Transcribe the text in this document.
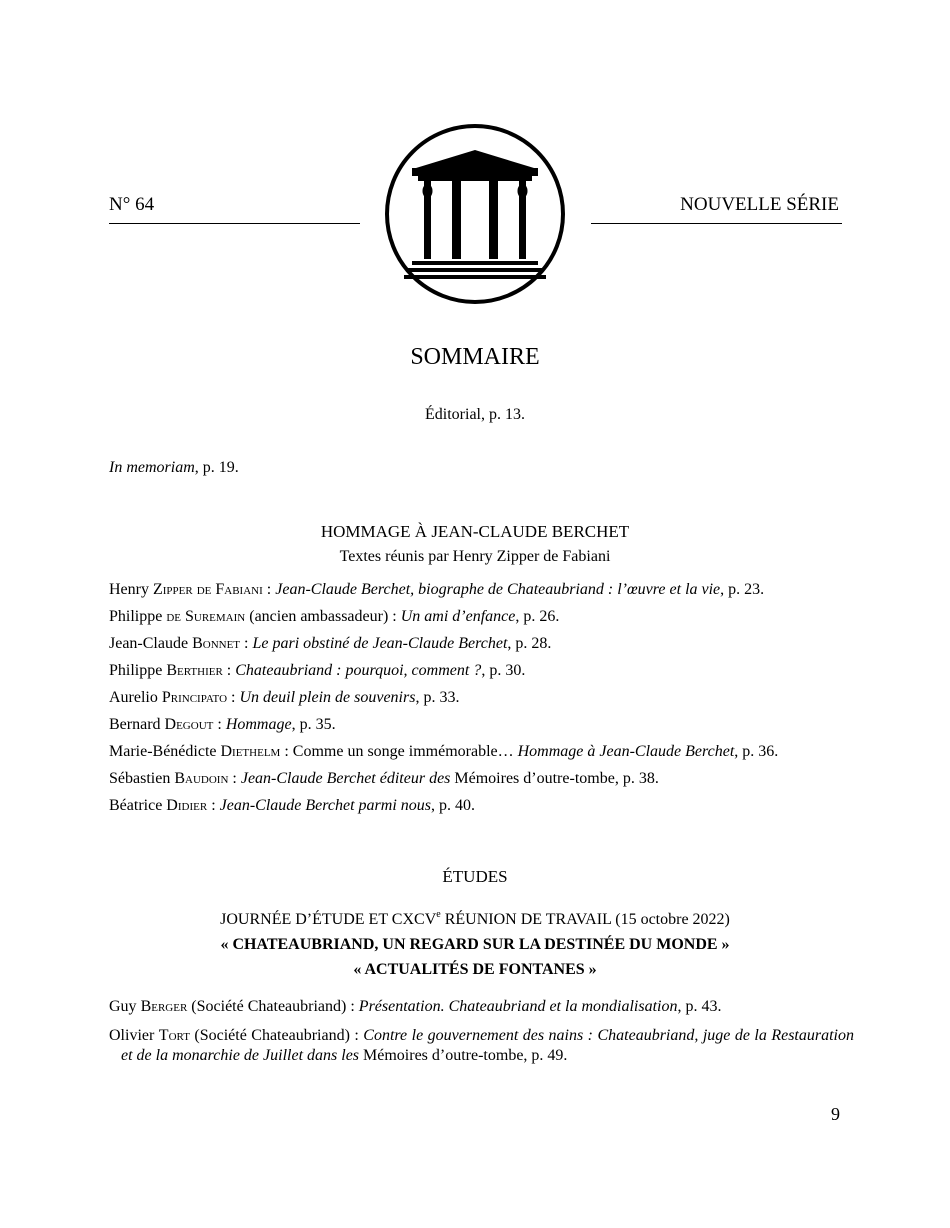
N° 64	NOUVELLE SÉRIE
SOMMAIRE
Éditorial, p. 13.
In memoriam, p. 19.
HOMMAGE À JEAN-CLAUDE BERCHET
Textes réunis par Henry Zipper de Fabiani
Henry Zipper de Fabiani : Jean-Claude Berchet, biographe de Chateaubriand : l’œuvre et la vie, p. 23.
Philippe de Suremain (ancien ambassadeur) : Un ami d’enfance, p. 26.
Jean-Claude Bonnet : Le pari obstiné de Jean-Claude Berchet, p. 28.
Philippe Berthier : Chateaubriand : pourquoi, comment ?, p. 30.
Aurelio Principato : Un deuil plein de souvenirs, p. 33.
Bernard Degout : Hommage, p. 35.
Marie-Bénédicte Diethelm : Comme un songe immémorable… Hommage à Jean-Claude Berchet, p. 36.
Sébastien Baudoin : Jean-Claude Berchet éditeur des Mémoires d’outre-tombe, p. 38.
Béatrice Didier : Jean-Claude Berchet parmi nous, p. 40.
ÉTUDES
JOURNÉE D’ÉTUDE ET CXCVe RÉUNION DE TRAVAIL (15 octobre 2022)
« CHATEAUBRIAND, UN REGARD SUR LA DESTINÉE DU MONDE »
« ACTUALITÉS DE FONTANES »
Guy Berger (Société Chateaubriand) : Présentation. Chateaubriand et la mondialisation, p. 43.
Olivier Tort (Société Chateaubriand) : Contre le gouvernement des nains : Chateaubriand, juge de la Restauration et de la monarchie de Juillet dans les Mémoires d’outre-tombe, p. 49.
9
